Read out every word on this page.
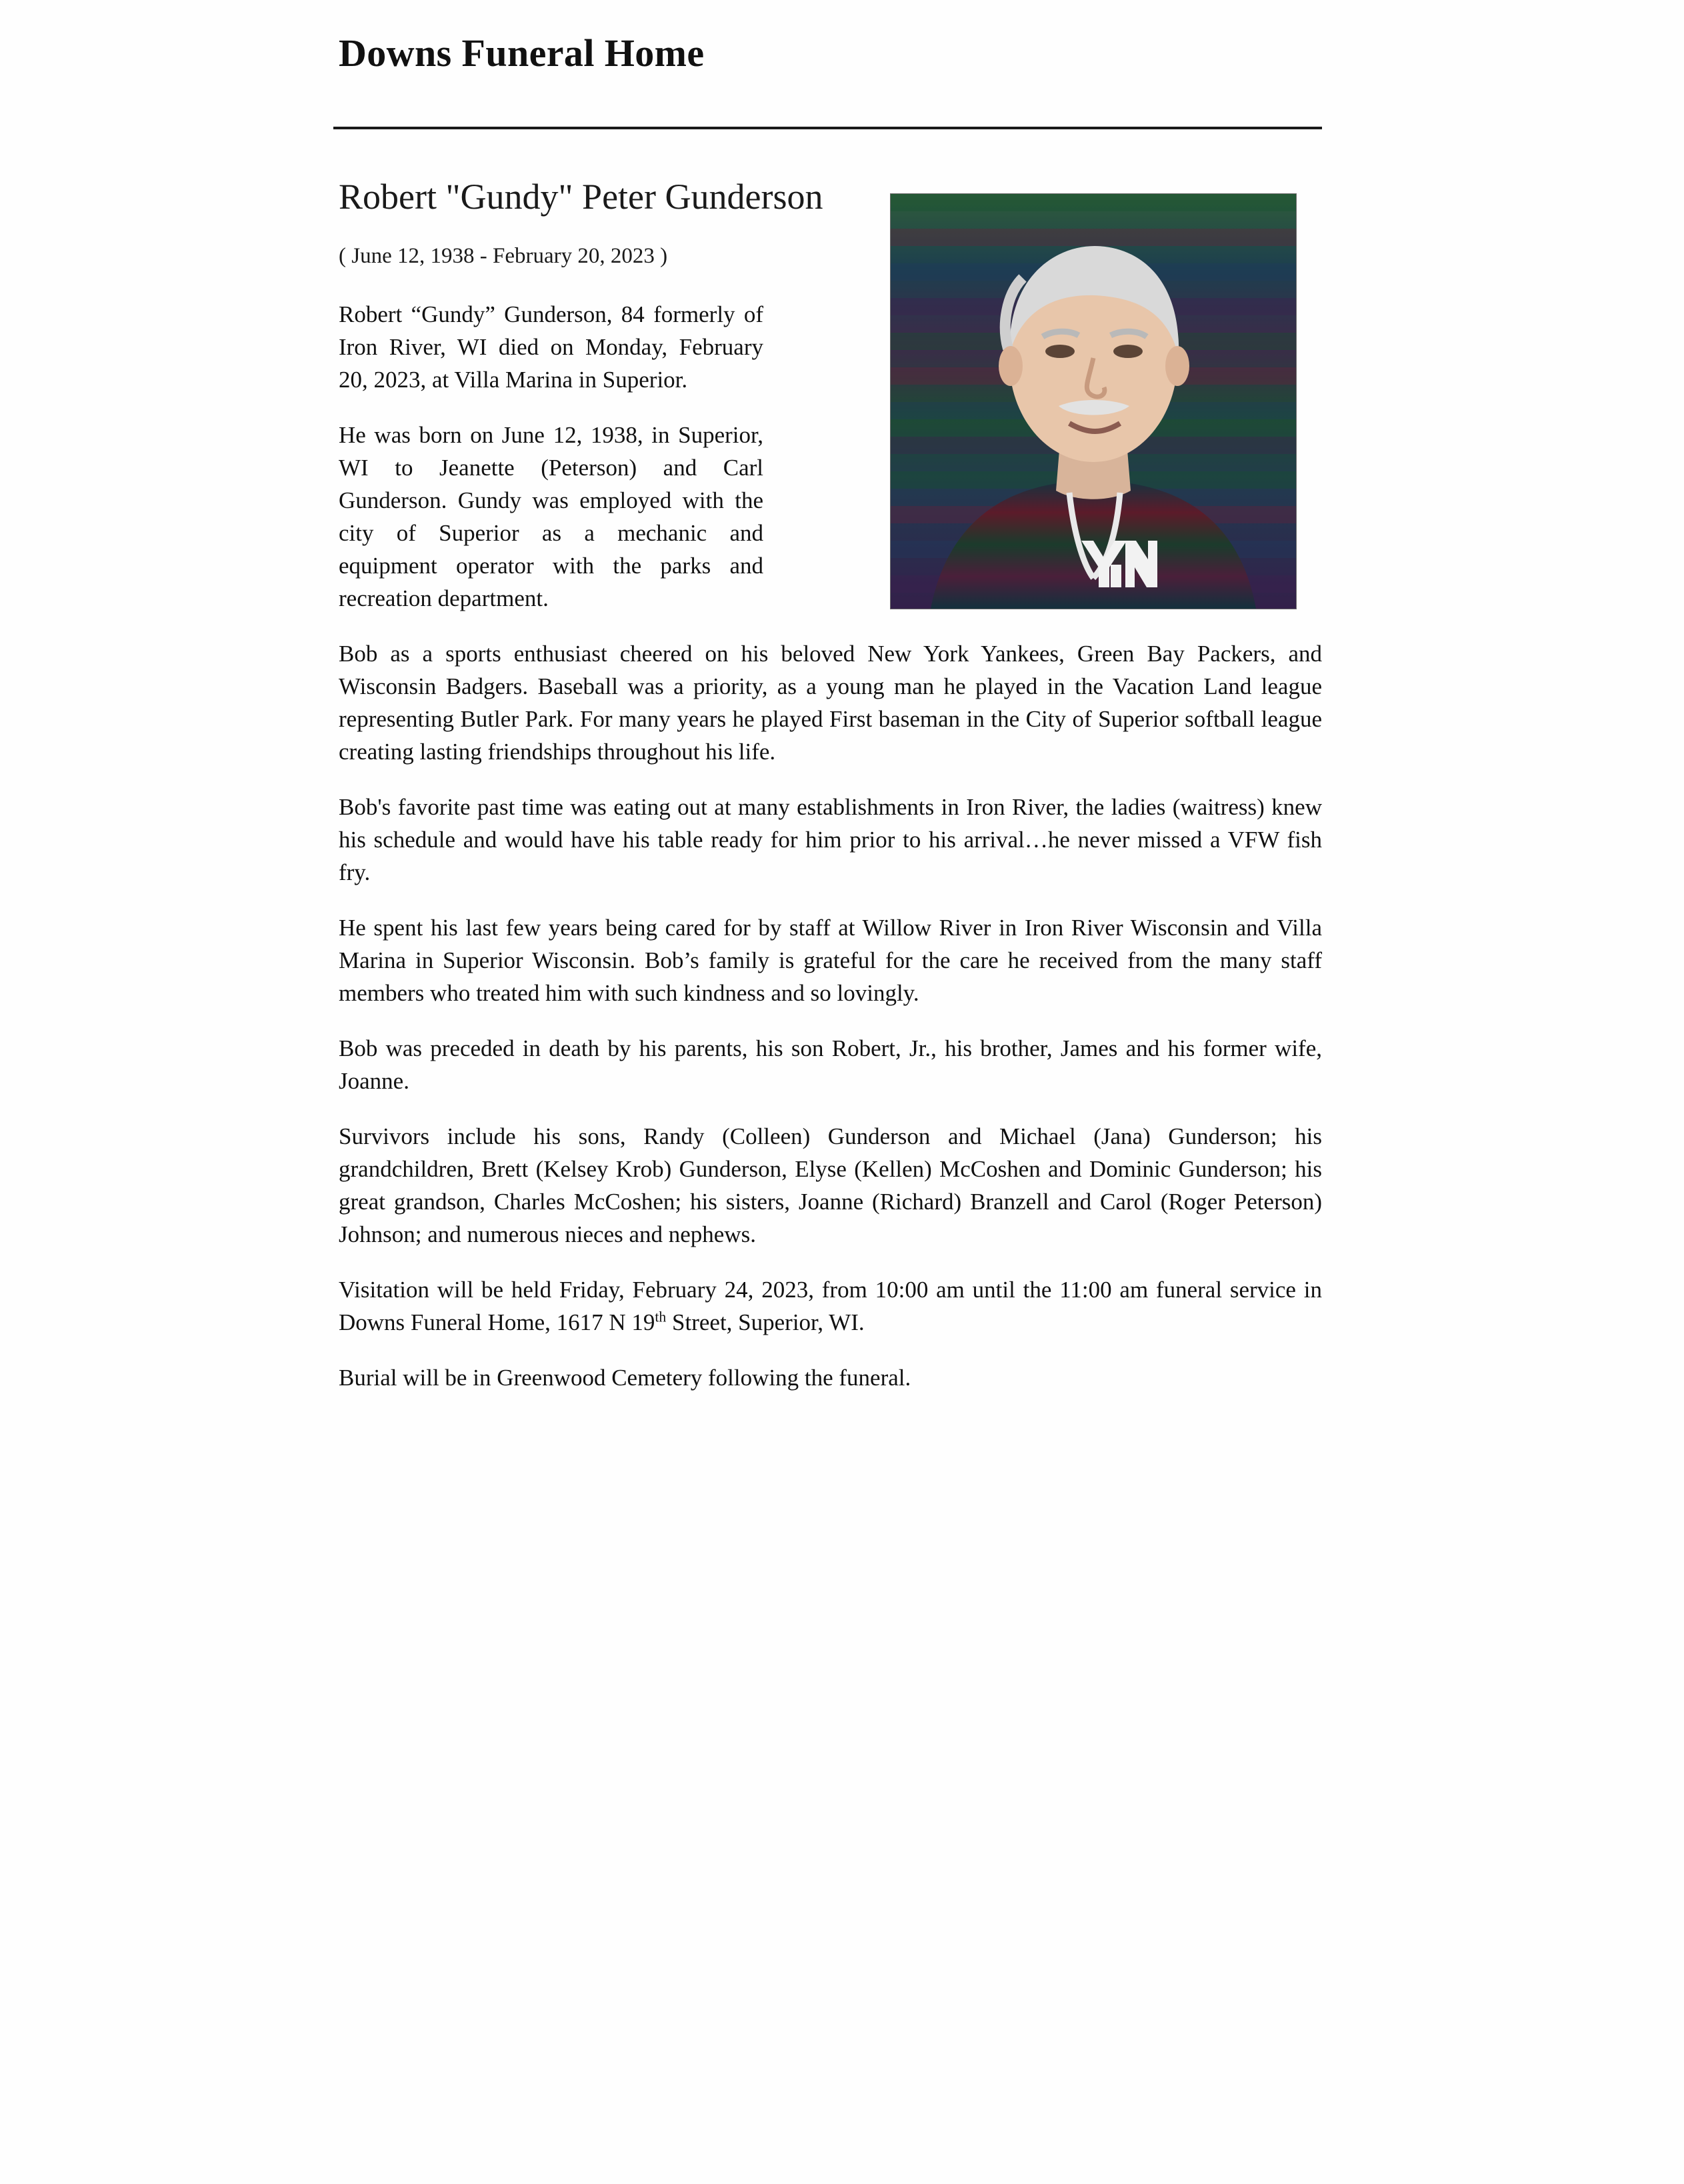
Downs Funeral Home
Robert "Gundy" Peter Gunderson
( June 12, 1938 - February 20, 2023 )

Robert “Gundy” Gunderson, 84 formerly of Iron River, WI died on Monday, February 20, 2023, at Villa Marina in Superior.

He was born on June 12, 1938, in Superior, WI to Jeanette (Peterson) and Carl Gunderson. Gundy was employed with the city of Superior as a mechanic and equipment operator with the parks and recreation department.

Bob as a sports enthusiast cheered on his beloved New York Yankees, Green Bay Packers, and Wisconsin Badgers. Baseball was a priority, as a young man he played in the Vacation Land league representing Butler Park. For many years he played First baseman in the City of Superior softball league creating lasting friendships throughout his life.

Bob's favorite past time was eating out at many establishments in Iron River, the ladies (waitress) knew his schedule and would have his table ready for him prior to his arrival…he never missed a VFW fish fry.

He spent his last few years being cared for by staff at Willow River in Iron River Wisconsin and Villa Marina in Superior Wisconsin. Bob’s family is grateful for the care he received from the many staff members who treated him with such kindness and so lovingly.

Bob was preceded in death by his parents, his son Robert, Jr., his brother, James and his former wife, Joanne.

Survivors include his sons, Randy (Colleen) Gunderson and Michael (Jana) Gunderson; his grandchildren, Brett (Kelsey Krob) Gunderson, Elyse (Kellen) McCoshen and Dominic Gunderson; his great grandson, Charles McCoshen; his sisters, Joanne (Richard) Branzell and Carol (Roger Peterson) Johnson; and numerous nieces and nephews.

Visitation will be held Friday, February 24, 2023, from 10:00 am until the 11:00 am funeral service in Downs Funeral Home, 1617 N 19th Street, Superior, WI.

Burial will be in Greenwood Cemetery following the funeral.
